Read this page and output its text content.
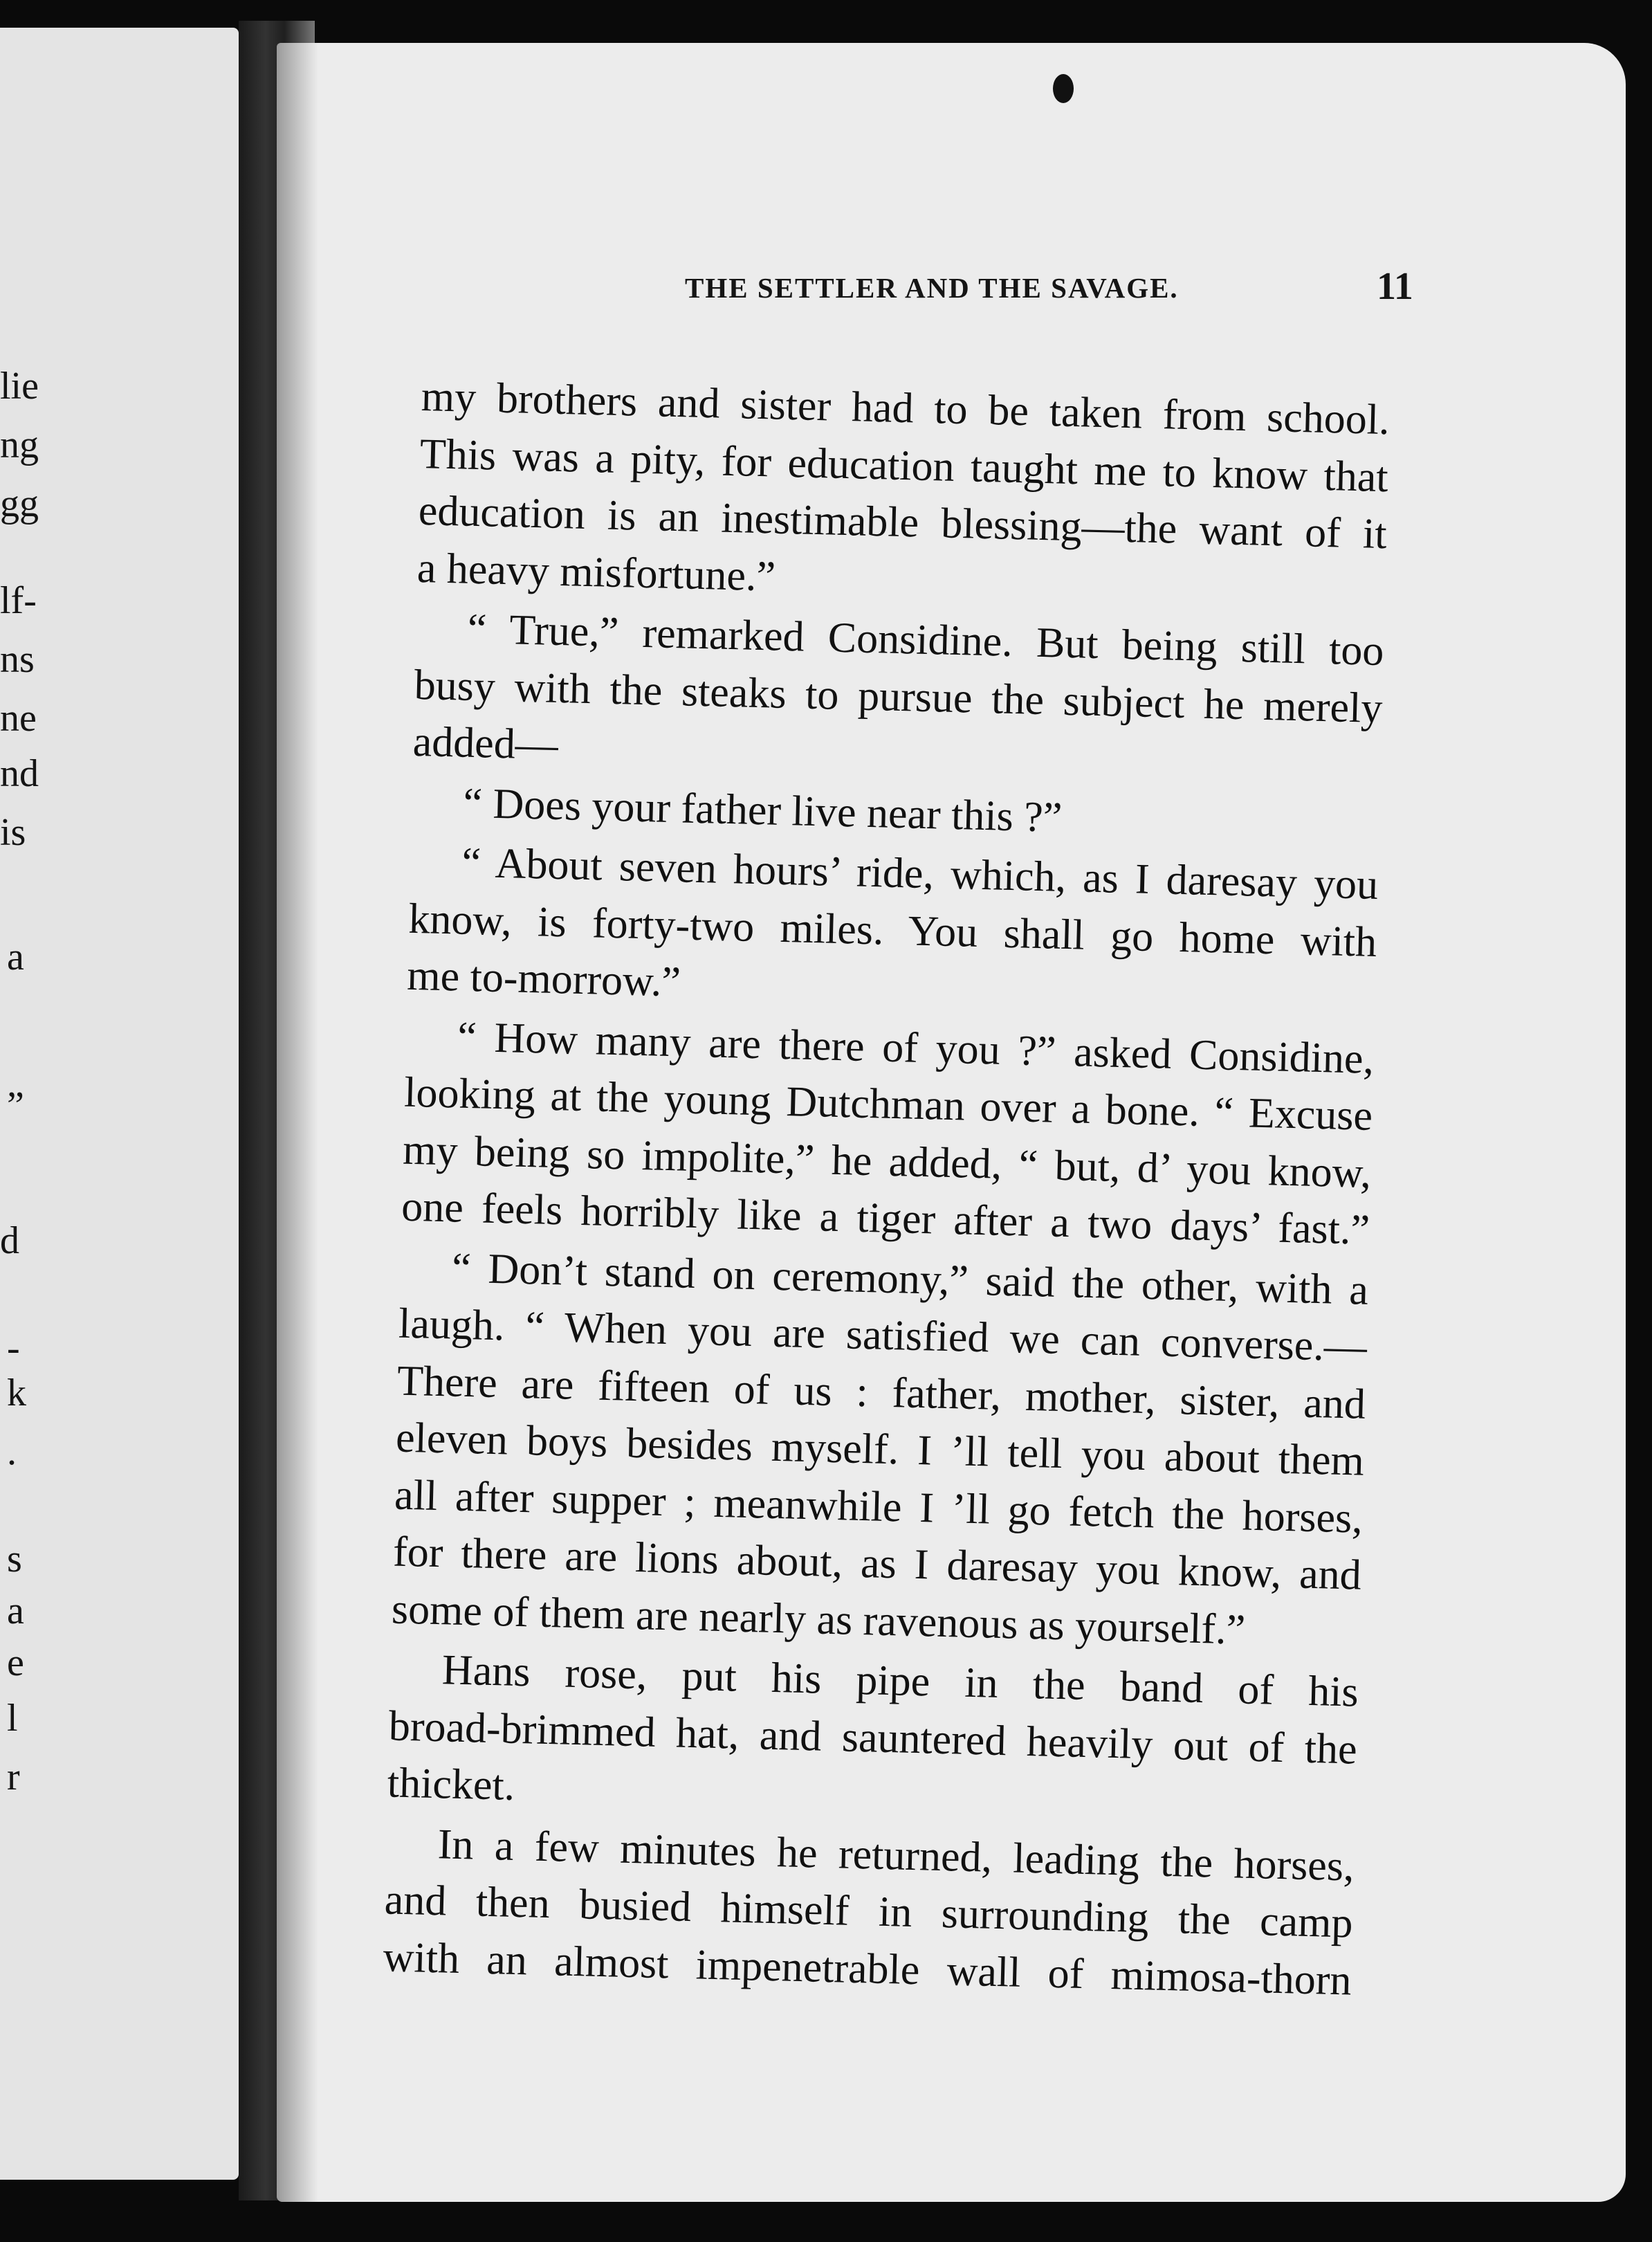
lie
ng
gg
lf-
ns
ne
nd
is
a
”
d
-
k
.
s
a
e
l
r
THE SETTLER AND THE SAVAGE.	11
my brothers and sister had to be taken from school.
This was a pity, for education taught me to know that
education is an inestimable blessing—the want of it
a heavy misfortune.”
“ True,” remarked Considine. But being still too
busy with the steaks to pursue the subject he merely
added—
“ Does your father live near this ?”
“ About seven hours’ ride, which, as I daresay you
know, is forty-two miles. You shall go home with
me to-morrow.”
“ How many are there of you ?” asked Considine,
looking at the young Dutchman over a bone. “ Excuse
my being so impolite,” he added, “ but, d’ you know,
one feels horribly like a tiger after a two days’ fast.”
“ Don’t stand on ceremony,” said the other, with a
laugh. “ When you are satisfied we can converse.—
There are fifteen of us : father, mother, sister, and
eleven boys besides myself. I ’ll tell you about them
all after supper ; meanwhile I ’ll go fetch the horses,
for there are lions about, as I daresay you know, and
some of them are nearly as ravenous as yourself.”
Hans rose, put his pipe in the band of his
broad-brimmed hat, and sauntered heavily out of the
thicket.
In a few minutes he returned, leading the horses,
and then busied himself in surrounding the camp
with an almost impenetrable wall of mimosa-thorn
